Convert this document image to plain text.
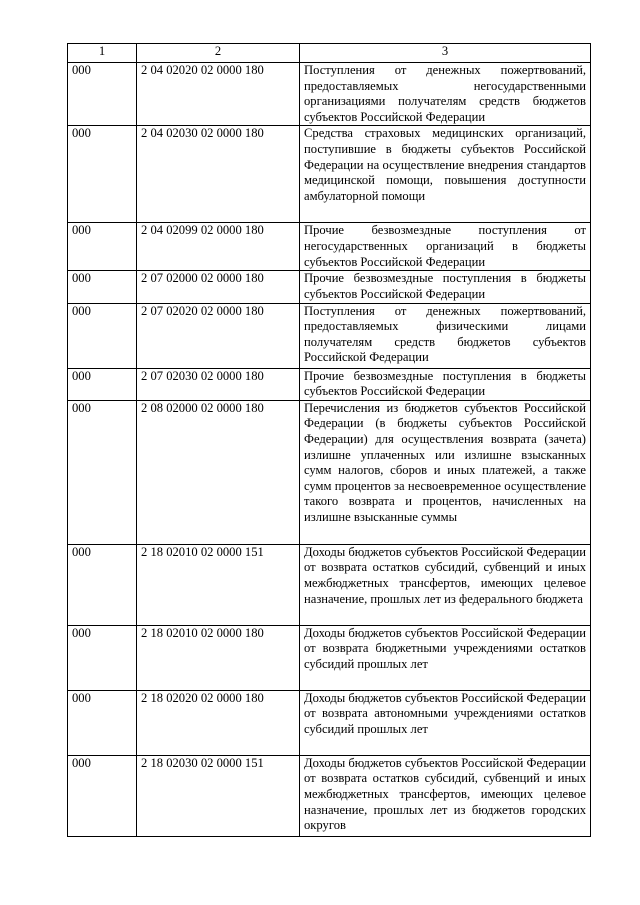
1	2	3
000	2 04 02020 02 0000 180	Поступления от денежных пожертвований, предоставляемых негосударственными организациями получателям средств бюджетов субъектов Российской Федерации
000	2 04 02030 02 0000 180	Средства страховых медицинских организаций, поступившие в бюджеты субъектов Российской Федерации на осуществление внедрения стандартов медицинской помощи, повышения доступности амбулаторной помощи
000	2 04 02099 02 0000 180	Прочие безвозмездные поступления от негосударственных организаций в бюджеты субъектов Российской Федерации
000	2 07 02000 02 0000 180	Прочие безвозмездные поступления в бюджеты субъектов Российской Федерации
000	2 07 02020 02 0000 180	Поступления от денежных пожертвований, предоставляемых физическими лицами получателям средств бюджетов субъектов Российской Федерации
000	2 07 02030 02 0000 180	Прочие безвозмездные поступления в бюджеты субъектов Российской Федерации
000	2 08 02000 02 0000 180	Перечисления из бюджетов субъектов Российской Федерации (в бюджеты субъектов Российской Федерации) для осуществления возврата (зачета) излишне уплаченных или излишне взысканных сумм налогов, сборов и иных платежей, а также сумм процентов за несвоевременное осуществление такого возврата и процентов, начисленных на излишне взысканные суммы
000	2 18 02010 02 0000 151	Доходы бюджетов субъектов Российской Федерации от возврата остатков субсидий, субвенций и иных межбюджетных трансфертов, имеющих целевое назначение, прошлых лет из федерального бюджета
000	2 18 02010 02 0000 180	Доходы бюджетов субъектов Российской Федерации от возврата бюджетными учреждениями остатков субсидий прошлых лет
000	2 18 02020 02 0000 180	Доходы бюджетов субъектов Российской Федерации от возврата автономными учреждениями остатков субсидий прошлых лет
000	2 18 02030 02 0000 151	Доходы бюджетов субъектов Российской Федерации от возврата остатков субсидий, субвенций и иных межбюджетных трансфертов, имеющих целевое назначение, прошлых лет из бюджетов городских округов
